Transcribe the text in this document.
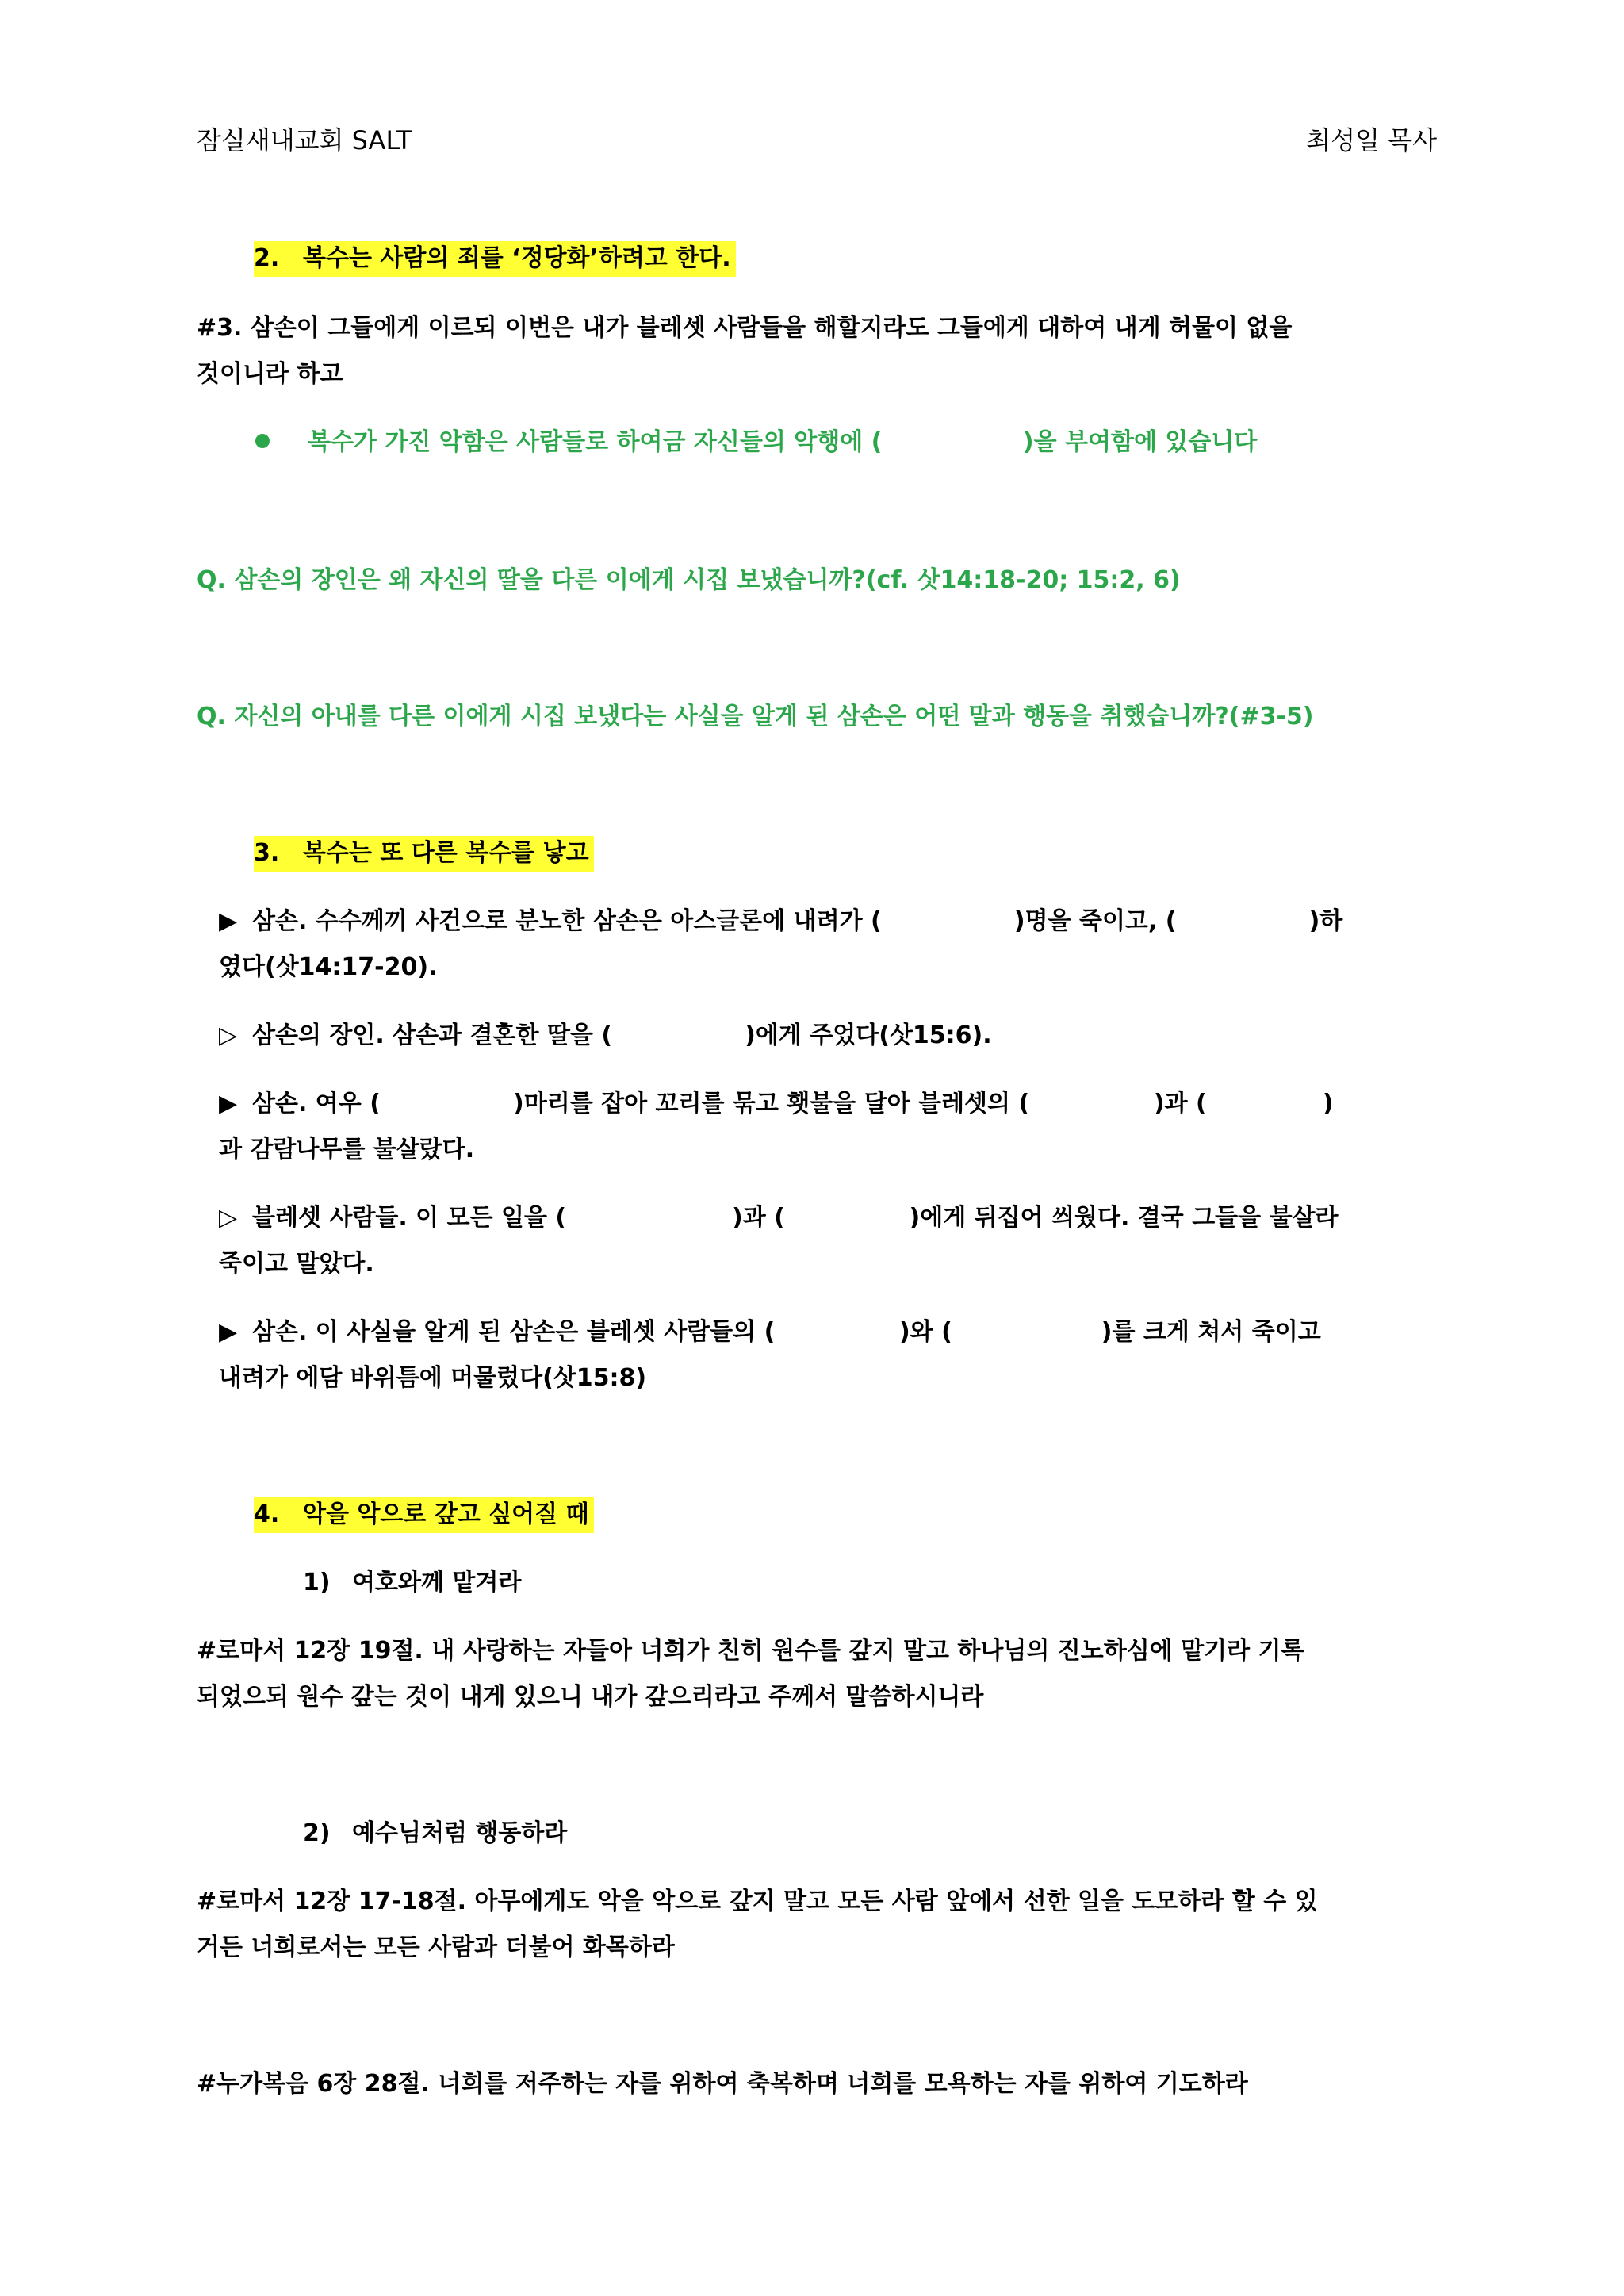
잠실새내교회 SALT	최성일 목사
2. 복수는 사람의 죄를 ‘정당화’하려고 한다.
#3. 삼손이 그들에게 이르되 이번은 내가 블레셋 사람들을 해할지라도 그들에게 대하여 내게 허물이 없을
것이니라 하고
복수가 가진 악함은 사람들로 하여금 자신들의 악행에 (                 )을 부여함에 있습니다
Q. 삼손의 장인은 왜 자신의 딸을 다른 이에게 시집 보냈습니까?(cf. 삿14:18-20; 15:2, 6)
Q. 자신의 아내를 다른 이에게 시집 보냈다는 사실을 알게 된 삼손은 어떤 말과 행동을 취했습니까?(#3-5)
3. 복수는 또 다른 복수를 낳고
▶ 삼손. 수수께끼 사건으로 분노한 삼손은 아스글론에 내려가 (                )명을 죽이고, (                )하
였다(삿14:17-20).
▷ 삼손의 장인. 삼손과 결혼한 딸을 (                )에게 주었다(삿15:6).
▶ 삼손. 여우 (                )마리를 잡아 꼬리를 묶고 횃불을 달아 블레셋의 (               )과 (              )
과 감람나무를 불살랐다.
▷ 블레셋 사람들. 이 모든 일을 (                    )과 (               )에게 뒤집어 씌웠다. 결국 그들을 불살라
죽이고 말았다.
▶ 삼손. 이 사실을 알게 된 삼손은 블레셋 사람들의 (               )와 (                  )를 크게 쳐서 죽이고
내려가 에담 바위틈에 머물렀다(삿15:8)
4. 악을 악으로 갚고 싶어질 때
1) 여호와께 맡겨라
#로마서 12장 19절. 내 사랑하는 자들아 너희가 친히 원수를 갚지 말고 하나님의 진노하심에 맡기라 기록
되었으되 원수 갚는 것이 내게 있으니 내가 갚으리라고 주께서 말씀하시니라
2) 예수님처럼 행동하라
#로마서 12장 17-18절. 아무에게도 악을 악으로 갚지 말고 모든 사람 앞에서 선한 일을 도모하라 할 수 있
거든 너희로서는 모든 사람과 더불어 화목하라
#누가복음 6장 28절. 너희를 저주하는 자를 위하여 축복하며 너희를 모욕하는 자를 위하여 기도하라
